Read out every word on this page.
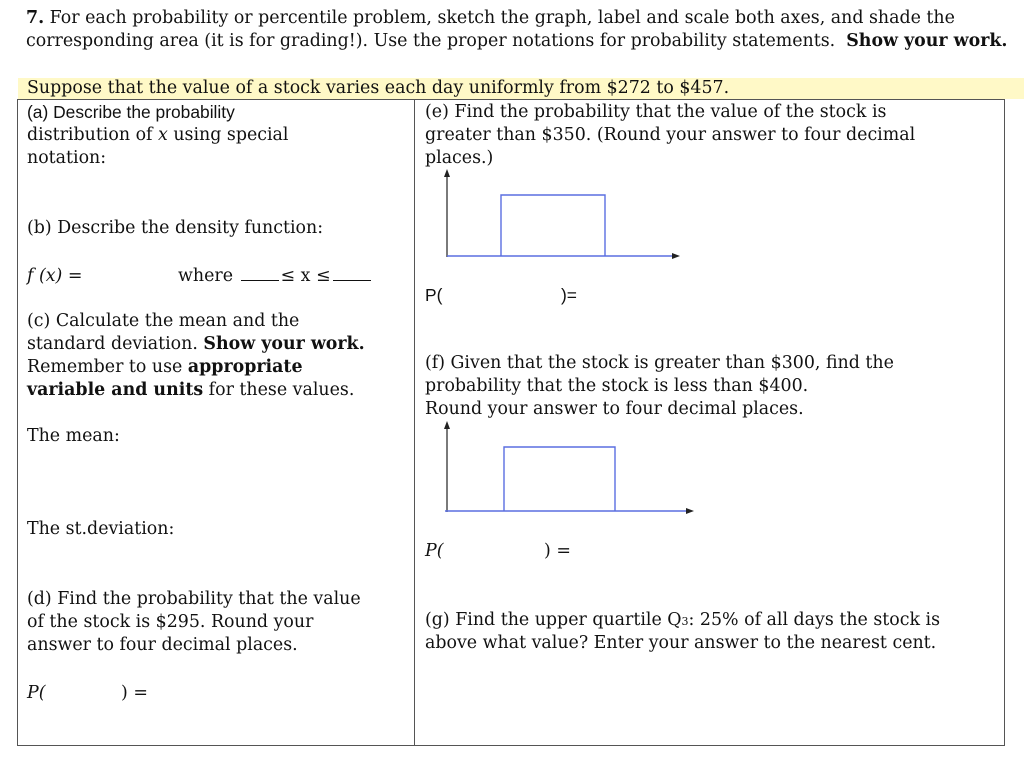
7. For each probability or percentile problem, sketch the graph, label and scale both axes, and shade the corresponding area (it is for grading!). Use the proper notations for probability statements. Show your work.
Suppose that the value of a stock varies each day uniformly from $272 to $457.
(a) Describe the probability
distribution of x using special
notation:
(b) Describe the density function:
f (x) =	where	≤ x ≤
(c) Calculate the mean and the
standard deviation. Show your work.
Remember to use appropriate
variable and units for these values.
The mean:
The st.deviation:
(d) Find the probability that the value
of the stock is $295. Round your
answer to four decimal places.
P(	) =
(e) Find the probability that the value of the stock is
greater than $350. (Round your answer to four decimal
places.)
P(	)=
(f) Given that the stock is greater than $300, find the
probability that the stock is less than $400.
Round your answer to four decimal places.
P(	) =
(g) Find the upper quartile Q3: 25% of all days the stock is
above what value? Enter your answer to the nearest cent.
